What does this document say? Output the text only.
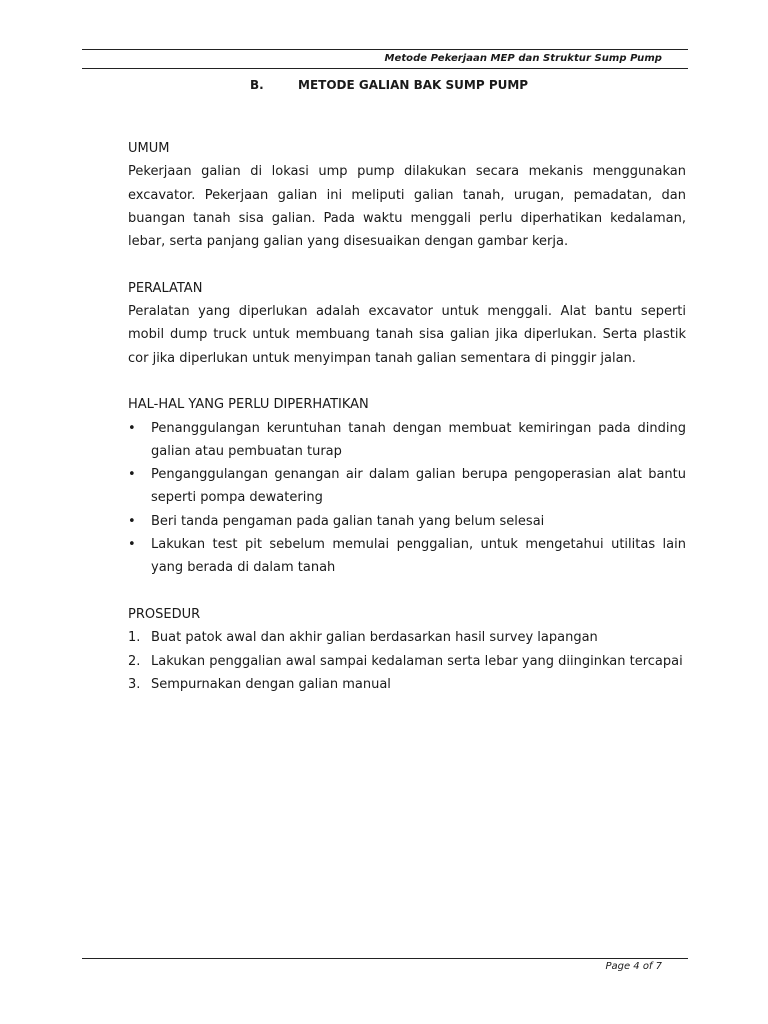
Metode Pekerjaan MEP dan Struktur Sump Pump
B.	METODE GALIAN BAK SUMP PUMP
UMUM

Pekerjaan galian di lokasi ump pump dilakukan secara mekanis menggunakan excavator. Pekerjaan galian ini meliputi galian tanah, urugan, pemadatan, dan buangan tanah sisa galian. Pada waktu menggali perlu diperhatikan kedalaman, lebar, serta panjang galian yang disesuaikan dengan gambar kerja.

PERALATAN

Peralatan yang diperlukan adalah excavator untuk menggali. Alat bantu seperti mobil dump truck untuk membuang tanah sisa galian jika diperlukan. Serta plastik cor jika diperlukan untuk menyimpan tanah galian sementara di pinggir jalan.

HAL-HAL YANG PERLU DIPERHATIKAN
• Penanggulangan keruntuhan tanah dengan membuat kemiringan pada dinding galian atau pembuatan turap
• Penganggulangan genangan air dalam galian berupa pengoperasian alat bantu seperti pompa dewatering
• Beri tanda pengaman pada galian tanah yang belum selesai
• Lakukan test pit sebelum memulai penggalian, untuk mengetahui utilitas lain yang berada di dalam tanah
PROSEDUR
1. Buat patok awal dan akhir galian berdasarkan hasil survey lapangan
2. Lakukan penggalian awal sampai kedalaman serta lebar yang diinginkan tercapai
3. Sempurnakan dengan galian manual
Page 4 of 7
